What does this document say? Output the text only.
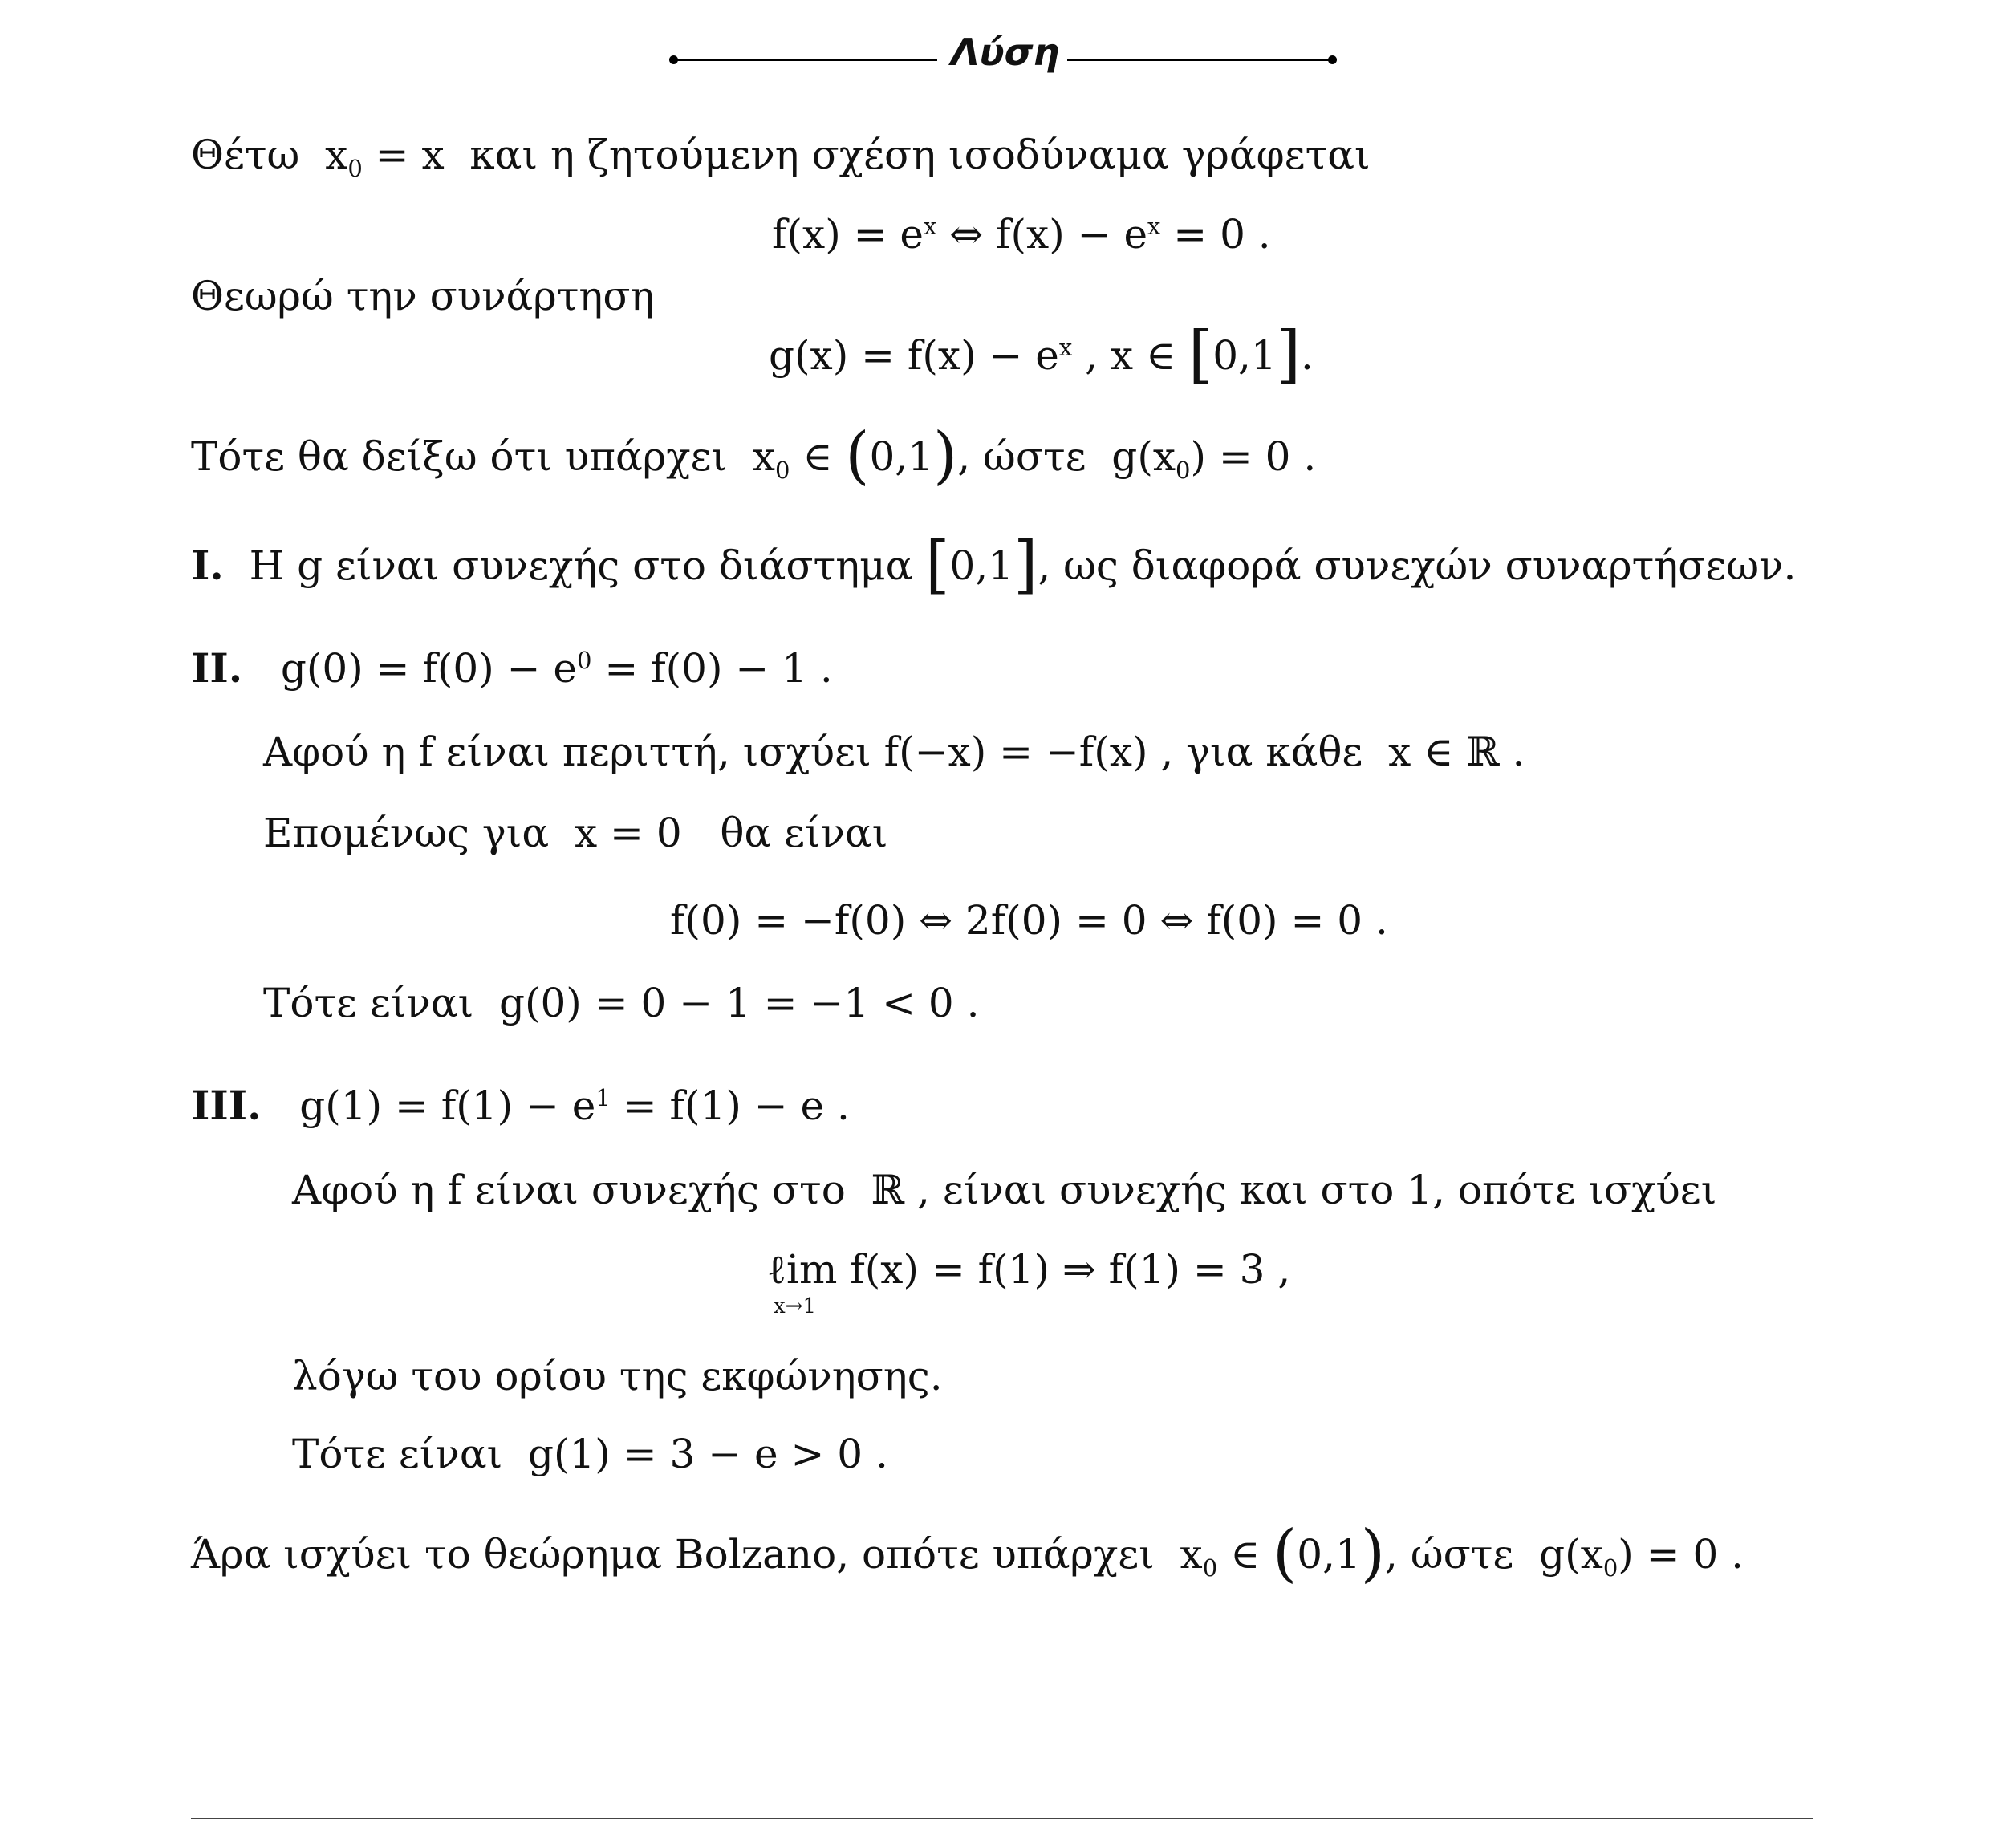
Λύση
Θέτω  $x_0 = x$  και η ζητούμενη σχέση ισοδύναμα γράφεται
$f(x) = e^x$ ⇔ $f(x) - e^x = 0$ .
Θεωρώ την συνάρτηση
$g(x) = f(x) - e^x$ , x ∈ [0,1].
Τότε θα δείξω ότι υπάρχει  $x_0$ ∈ (0,1), ώστε  $g(x_0) = 0$ .
I.  Η g είναι συνεχής στο διάστημα [0,1], ως διαφορά συνεχών συναρτήσεων.
II.   $g(0) = f(0) - e^0 = f(0) - 1$ .
Αφού η f είναι περιττή, ισχύει f(−x) = −f(x) , για κάθε  x ∈ ℝ .
Επομένως για  x = 0   θα είναι
f(0) = −f(0) ⇔ 2f(0) = 0 ⇔ f(0) = 0 .
Τότε είναι  g(0) = 0 − 1 = −1 < 0 .
III.   $g(1) = f(1) - e^1 = f(1) - e$ .
Αφού η f είναι συνεχής στο  ℝ , είναι συνεχής και στο 1, οπότε ισχύει
ℓim
x→1
f(x) = f(1) ⇒ f(1) = 3 ,
λόγω του ορίου της εκφώνησης.
Τότε είναι  g(1) = 3 − e > 0 .
Άρα ισχύει το θεώρημα Bolzano, οπότε υπάρχει  $x_0$ ∈ (0,1), ώστε  $g(x_0) = 0$ .
